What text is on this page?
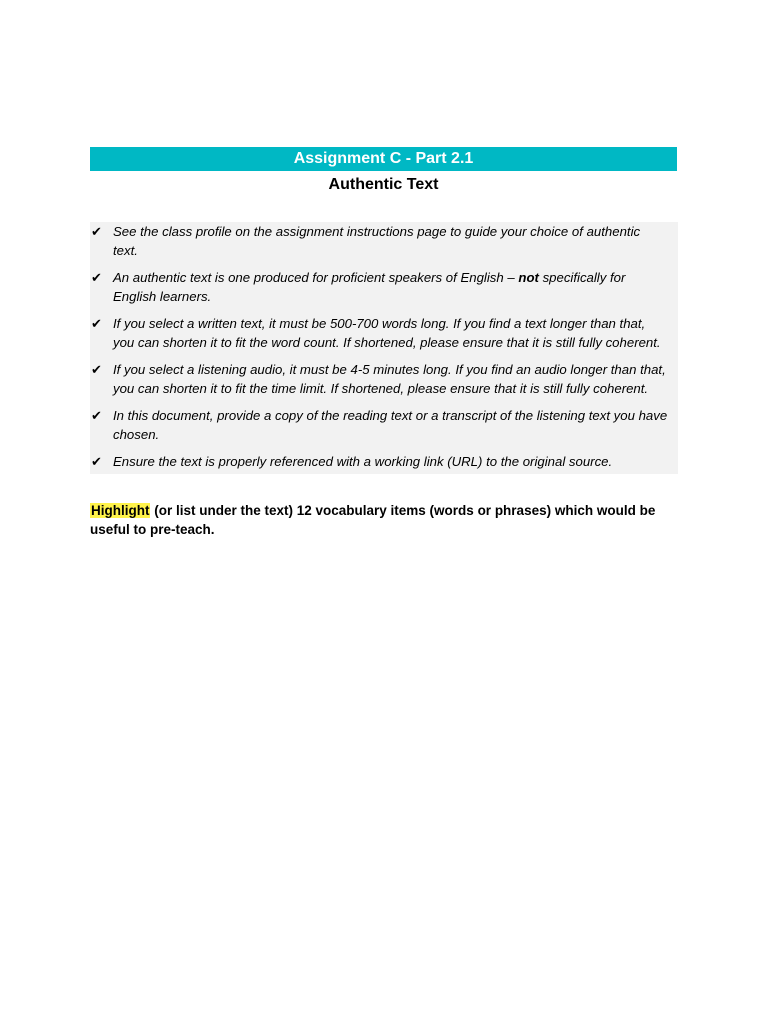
Assignment C - Part 2.1
Authentic Text
✔ See the class profile on the assignment instructions page to guide your choice of authentic text.
✔ An authentic text is one produced for proficient speakers of English – not specifically for English learners.
✔ If you select a written text, it must be 500-700 words long. If you find a text longer than that, you can shorten it to fit the word count. If shortened, please ensure that it is still fully coherent.
✔ If you select a listening audio, it must be 4-5 minutes long. If you find an audio longer than that, you can shorten it to fit the time limit. If shortened, please ensure that it is still fully coherent.
✔ In this document, provide a copy of the reading text or a transcript of the listening text you have chosen.
✔ Ensure the text is properly referenced with a working link (URL) to the original source.
Highlight (or list under the text) 12 vocabulary items (words or phrases) which would be useful to pre-teach.
